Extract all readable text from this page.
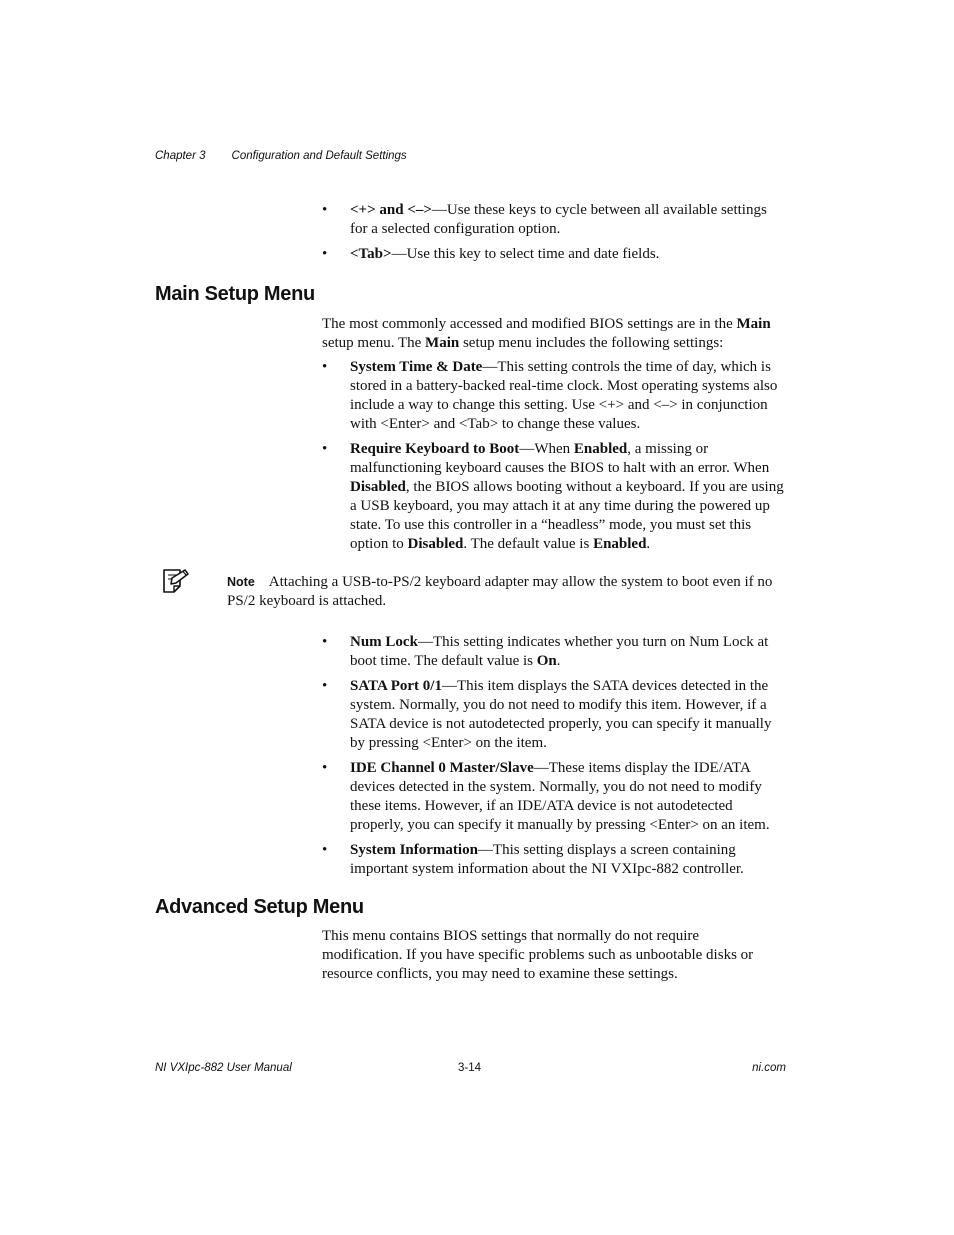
Chapter 3 Configuration and Default Settings
• <+> and <–>—Use these keys to cycle between all available settings for a selected configuration option.
• <Tab>—Use this key to select time and date fields.
Main Setup Menu

The most commonly accessed and modified BIOS settings are in the Main setup menu. The Main setup menu includes the following settings:

• System Time & Date—This setting controls the time of day, which is stored in a battery-backed real-time clock. Most operating systems also include a way to change this setting. Use <+> and <–> in conjunction with <Enter> and <Tab> to change these values.
• Require Keyboard to Boot—When Enabled, a missing or malfunctioning keyboard causes the BIOS to halt with an error. When Disabled, the BIOS allows booting without a keyboard. If you are using a USB keyboard, you may attach it at any time during the powered up state. To use this controller in a “headless” mode, you must set this option to Disabled. The default value is Enabled.

Note Attaching a USB-to-PS/2 keyboard adapter may allow the system to boot even if no PS/2 keyboard is attached.

• Num Lock—This setting indicates whether you turn on Num Lock at boot time. The default value is On.
• SATA Port 0/1—This item displays the SATA devices detected in the system. Normally, you do not need to modify this item. However, if a SATA device is not autodetected properly, you can specify it manually by pressing <Enter> on the item.
• IDE Channel 0 Master/Slave—These items display the IDE/ATA devices detected in the system. Normally, you do not need to modify these items. However, if an IDE/ATA device is not autodetected properly, you can specify it manually by pressing <Enter> on an item.
• System Information—This setting displays a screen containing important system information about the NI VXIpc-882 controller.
Advanced Setup Menu

This menu contains BIOS settings that normally do not require modification. If you have specific problems such as unbootable disks or resource conflicts, you may need to examine these settings.

NI VXIpc-882 User Manual	3-14	ni.com
